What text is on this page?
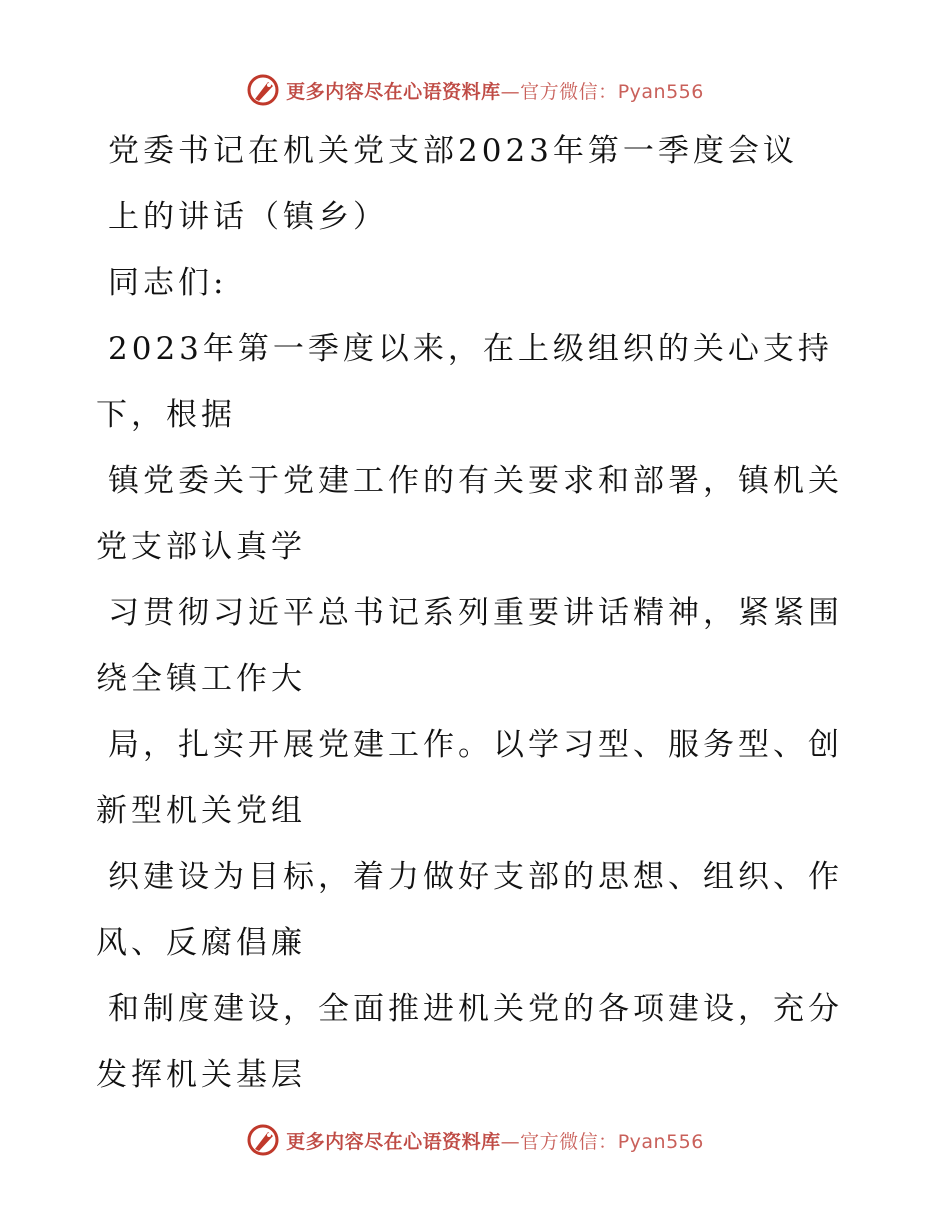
更多内容尽在心语资料库—官方微信：Pyan556
党委书记在机关党支部2023年第一季度会议
上的讲话（镇乡）
同志们:
2023年第一季度以来，在上级组织的关心支持
下，根据
镇党委关于党建工作的有关要求和部署，镇机关
党支部认真学
习贯彻习近平总书记系列重要讲话精神，紧紧围
绕全镇工作大
局，扎实开展党建工作。以学习型、服务型、创
新型机关党组
织建设为目标，着力做好支部的思想、组织、作
风、反腐倡廉
和制度建设，全面推进机关党的各项建设，充分
发挥机关基层
更多内容尽在心语资料库—官方微信：Pyan556
